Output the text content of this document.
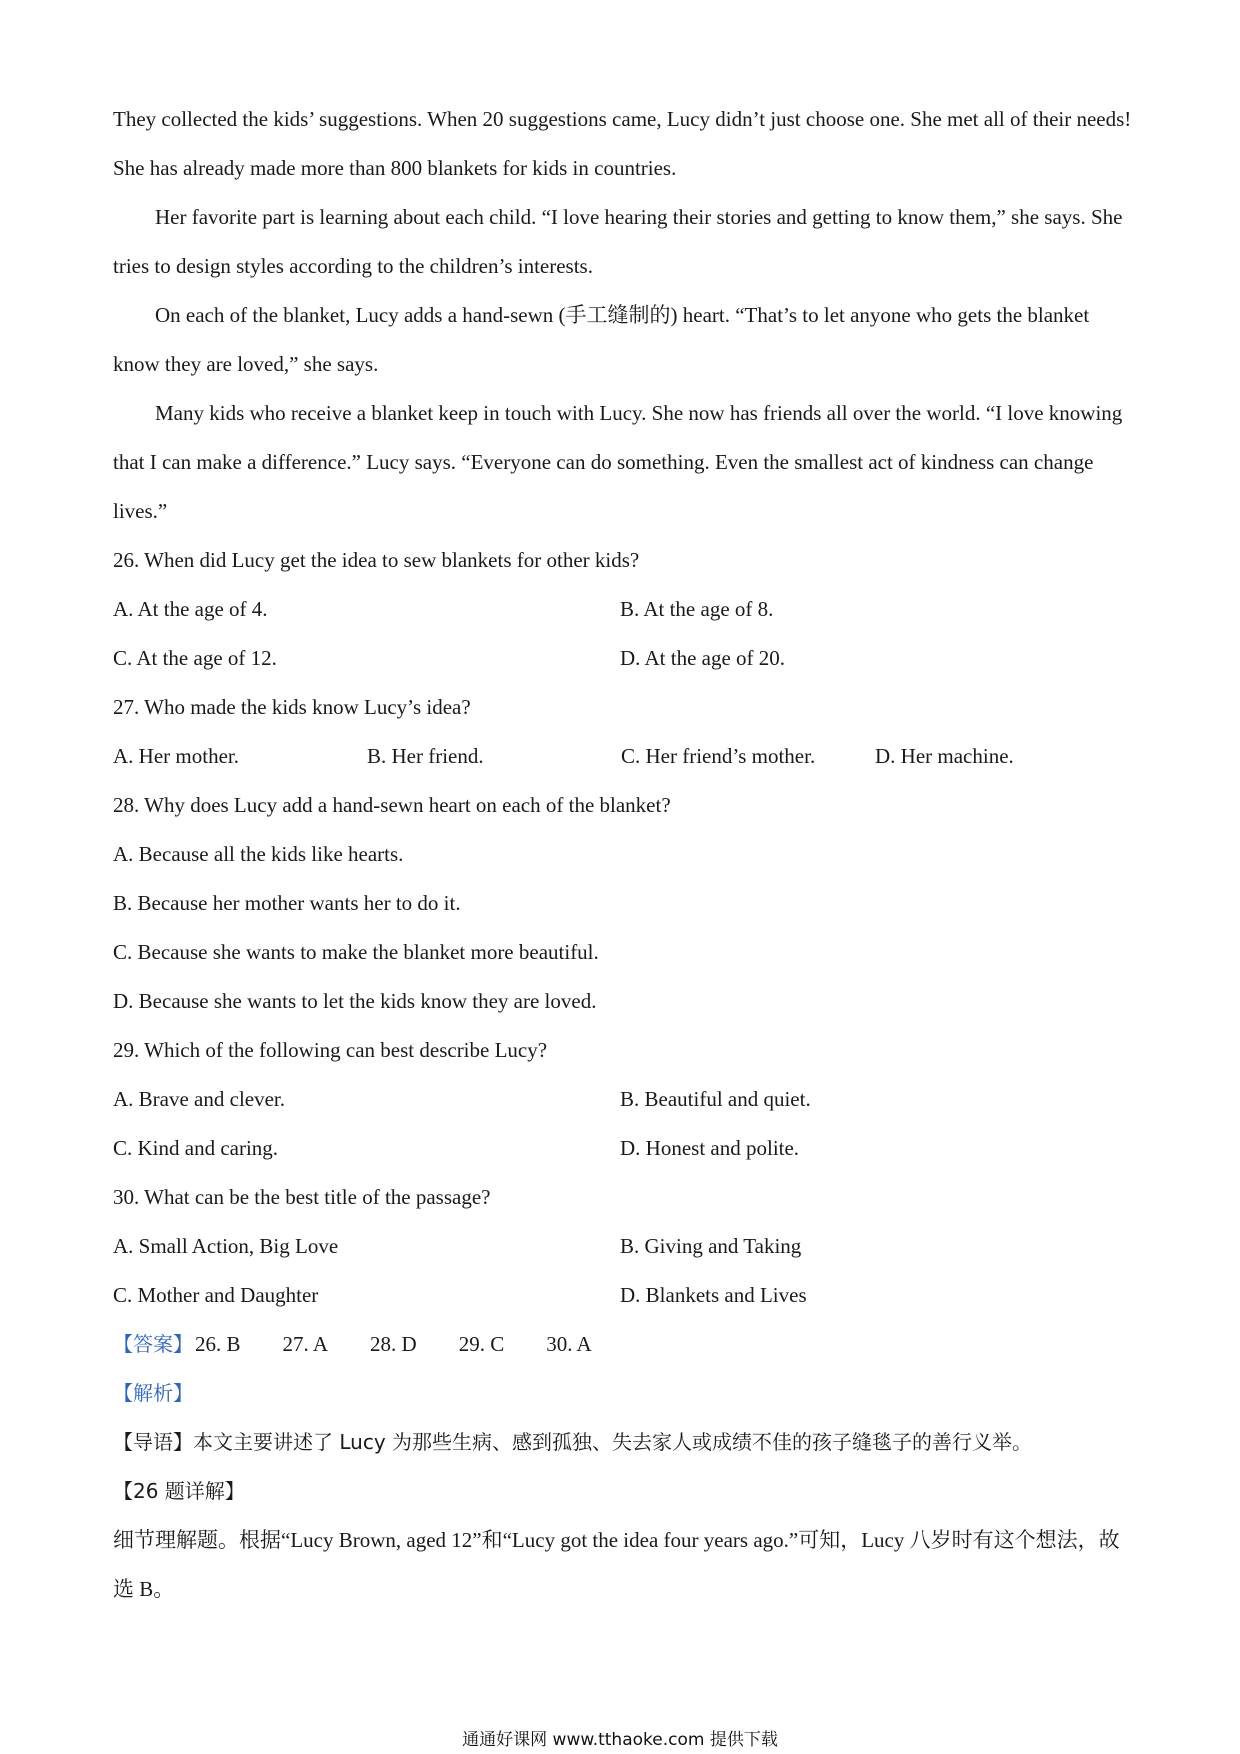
They collected the kids’ suggestions. When 20 suggestions came, Lucy didn’t just choose one. She met all of their needs! She has already made more than 800 blankets for kids in countries.

Her favorite part is learning about each child. “I love hearing their stories and getting to know them,” she says. She tries to design styles according to the children’s interests.

On each of the blanket, Lucy adds a hand-sewn (手工缝制的) heart. “That’s to let anyone who gets the blanket know they are loved,” she says.

Many kids who receive a blanket keep in touch with Lucy. She now has friends all over the world. “I love knowing that I can make a difference.” Lucy says. “Everyone can do something. Even the smallest act of kindness can change lives.”

26. When did Lucy get the idea to sew blankets for other kids?

A. At the age of 4.	B. At the age of 8.
C. At the age of 12.	D. At the age of 20.

27. Who made the kids know Lucy’s idea?

A. Her mother.	B. Her friend.	C. Her friend’s mother.	D. Her machine.

28. Why does Lucy add a hand-sewn heart on each of the blanket?

A. Because all the kids like hearts.

B. Because her mother wants her to do it.

C. Because she wants to make the blanket more beautiful.

D. Because she wants to let the kids know they are loved.

29. Which of the following can best describe Lucy?

A. Brave and clever.	B. Beautiful and quiet.
C. Kind and caring.	D. Honest and polite.

30. What can be the best title of the passage?

A. Small Action, Big Love	B. Giving and Taking
C. Mother and Daughter	D. Blankets and Lives
【答案】 26. B 27. A 28. D 29. C 30. A

【解析】

【导语】本文主要讲述了 Lucy 为那些生病、感到孤独、失去家人或成绩不佳的孩子缝毯子的善行义举。

【26 题详解】

细节理解题。根据“Lucy Brown, aged 12”和“Lucy got the idea four years ago.”可知，Lucy 八岁时有这个想法，故选 B。

通通好课网 www.tthaoke.com 提供下载
